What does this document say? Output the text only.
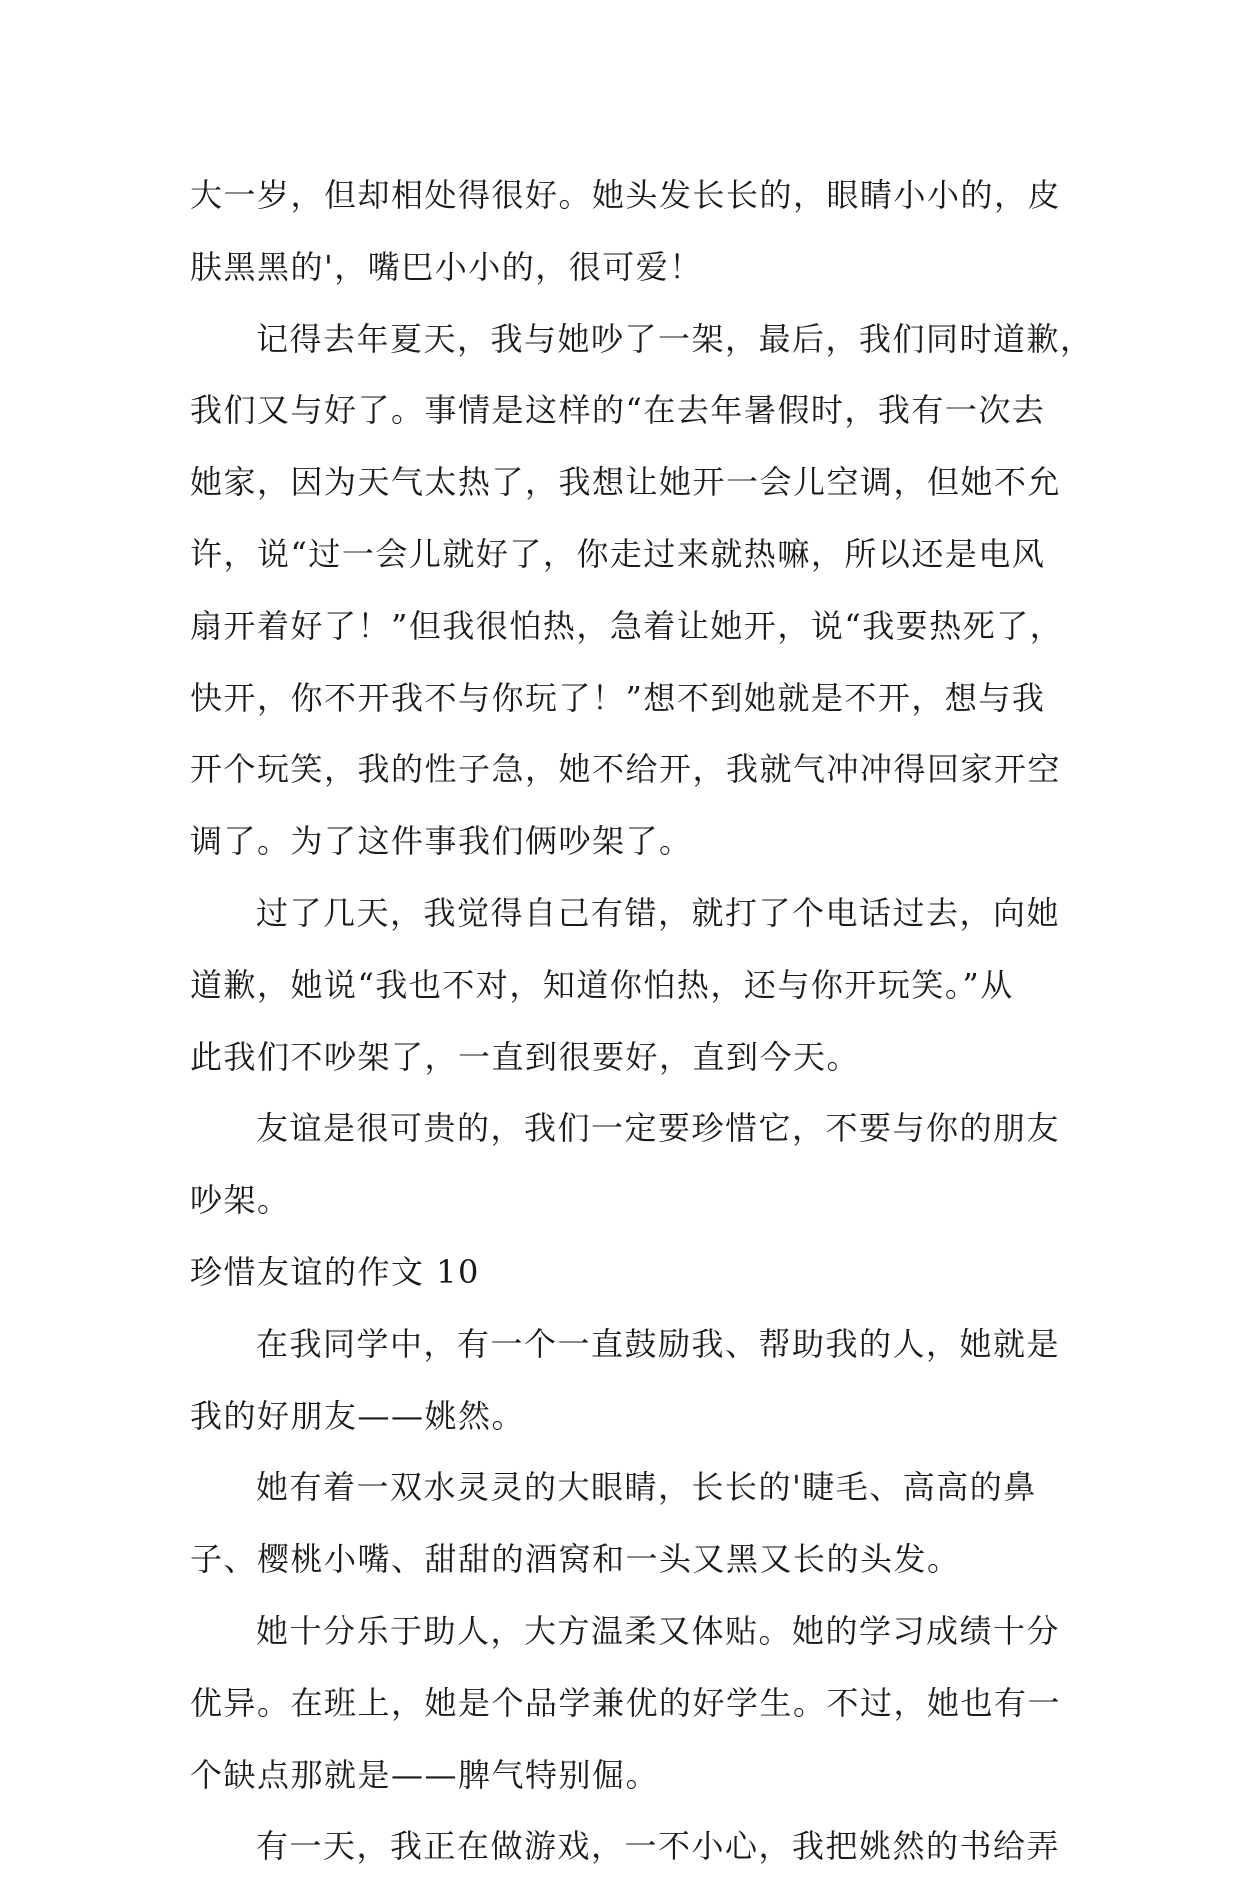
大一岁，但却相处得很好。她头发长长的，眼睛小小的，皮
肤黑黑的'，嘴巴小小的，很可爱！
记得去年夏天，我与她吵了一架，最后，我们同时道歉，
我们又与好了。事情是这样的“在去年暑假时，我有一次去
她家，因为天气太热了，我想让她开一会儿空调，但她不允
许，说“过一会儿就好了，你走过来就热嘛，所以还是电风
扇开着好了！”但我很怕热，急着让她开，说“我要热死了，
快开，你不开我不与你玩了！”想不到她就是不开，想与我
开个玩笑，我的性子急，她不给开，我就气冲冲得回家开空
调了。为了这件事我们俩吵架了。
过了几天，我觉得自己有错，就打了个电话过去，向她
道歉，她说“我也不对，知道你怕热，还与你开玩笑。”从
此我们不吵架了，一直到很要好，直到今天。
友谊是很可贵的，我们一定要珍惜它，不要与你的朋友
吵架。
珍惜友谊的作文 10
在我同学中，有一个一直鼓励我、帮助我的人，她就是
我的好朋友——姚然。
她有着一双水灵灵的大眼睛，长长的'睫毛、高高的鼻
子、樱桃小嘴、甜甜的酒窝和一头又黑又长的头发。
她十分乐于助人，大方温柔又体贴。她的学习成绩十分
优异。在班上，她是个品学兼优的好学生。不过，她也有一
个缺点那就是——脾气特别倔。
有一天，我正在做游戏，一不小心，我把姚然的书给弄
